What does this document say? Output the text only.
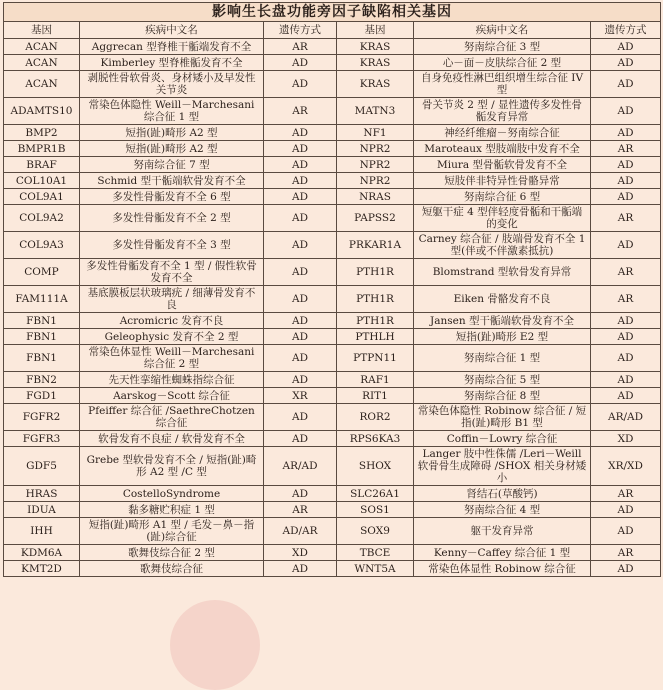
影响生长盘功能旁因子缺陷相关基因					
基因	疾病中文名	遗传方式	基因	疾病中文名	遗传方式
ACAN	Aggrecan 型脊椎干骺端发育不全	AR	KRAS	努南综合征 3 型	AD
ACAN	Kimberley 型脊椎骺发育不全	AD	KRAS	心－面－皮肤综合征 2 型	AD
ACAN	剥脱性骨软骨炎、身材矮小及早发性关节炎	AD	KRAS	自身免疫性淋巴组织增生综合征 IV 型	AD
ADAMTS10	常染色体隐性 Weill－Marchesani 综合征 1 型	AR	MATN3	骨关节炎 2 型 / 显性遗传多发性骨骺发育异常	AD
BMP2	短指(趾)畸形 A2 型	AD	NF1	神经纤维瘤－努南综合征	AD
BMPR1B	短指(趾)畸形 A2 型	AD	NPR2	Maroteaux 型肢端肢中发育不全	AR
BRAF	努南综合征 7 型	AD	NPR2	Miura 型骨骺软骨发育不全	AD
COL10A1	Schmid 型干骺端软骨发育不全	AD	NPR2	短肢伴非特异性骨骼异常	AD
COL9A1	多发性骨骺发育不全 6 型	AD	NRAS	努南综合征 6 型	AD
COL9A2	多发性骨骺发育不全 2 型	AD	PAPSS2	短躯干症 4 型伴轻度骨骺和干骺端的变化	AR
COL9A3	多发性骨骺发育不全 3 型	AD	PRKAR1A	Carney 综合征 / 肢端骨发育不全 1 型(伴或不伴激素抵抗)	AD
COMP	多发性骨骺发育不全 1 型 / 假性软骨发育不全	AD	PTH1R	Blomstrand 型软骨发育异常	AR
FAM111A	基底膜板层状玻璃疣 / 细薄骨发育不良	AD	PTH1R	Eiken 骨骼发育不良	AR
FBN1	Acromicric 发育不良	AD	PTH1R	Jansen 型干骺端软骨发育不全	AD
FBN1	Geleophysic 发育不全 2 型	AD	PTHLH	短指(趾)畸形 E2 型	AD
FBN1	常染色体显性 Weill－Marchesani 综合征 2 型	AD	PTPN11	努南综合征 1 型	AD
FBN2	先天性挛缩性蜘蛛指综合征	AD	RAF1	努南综合征 5 型	AD
FGD1	Aarskog－Scott 综合征	XR	RIT1	努南综合征 8 型	AD
FGFR2	Pfeiffer 综合征 /SaethreChotzen 综合征	AD	ROR2	常染色体隐性 Robinow 综合征 / 短指(趾)畸形 B1 型	AR/AD
FGFR3	软骨发育不良症 / 软骨发育不全	AD	RPS6KA3	Coffin－Lowry 综合征	XD
GDF5	Grebe 型软骨发育不全 / 短指(趾)畸形 A2 型 /C 型	AR/AD	SHOX	Langer 肢中性侏儒 /Leri－Weill 软骨骨生成障碍 /SHOX 相关身材矮小	XR/XD
HRAS	CostelloSyndrome	AD	SLC26A1	肾结石(草酸钙)	AR
IDUA	黏多糖贮积症 1 型	AR	SOS1	努南综合征 4 型	AD
IHH	短指(趾)畸形 A1 型 / 毛发－鼻－指(趾)综合征	AD/AR	SOX9	躯干发育异常	AD
KDM6A	歌舞伎综合征 2 型	XD	TBCE	Kenny－Caffey 综合征 1 型	AR
KMT2D	歌舞伎综合征	AD	WNT5A	常染色体显性 Robinow 综合征	AD
